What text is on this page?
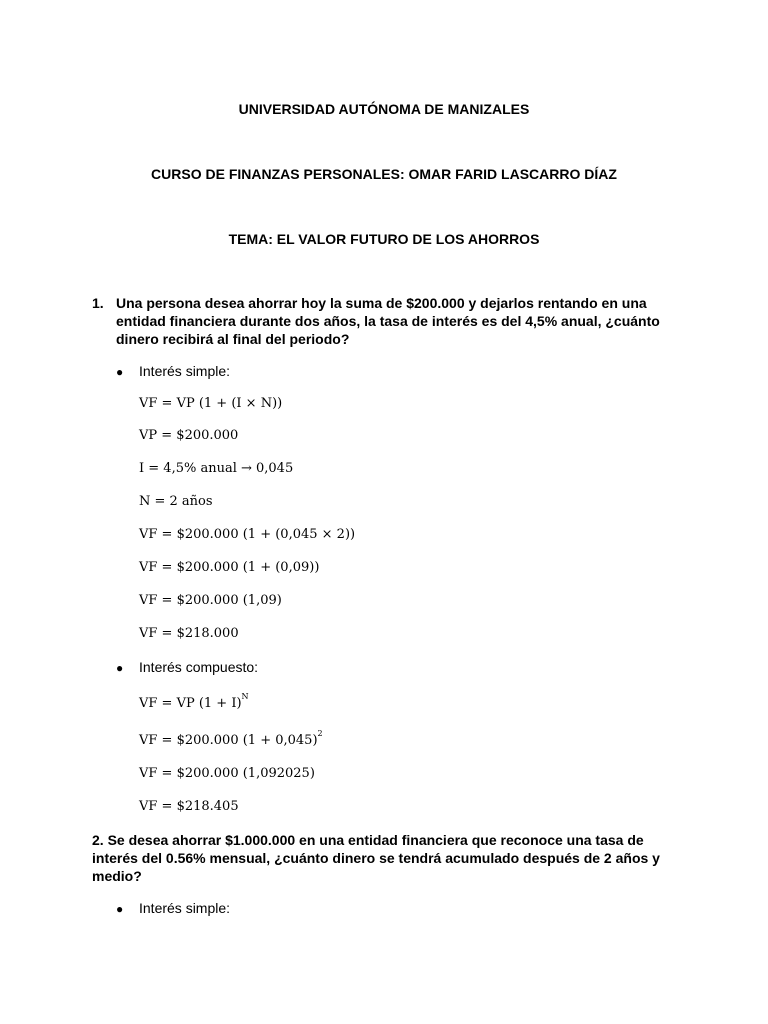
UNIVERSIDAD AUTÓNOMA DE MANIZALES
CURSO DE FINANZAS PERSONALES: OMAR FARID LASCARRO DÍAZ
TEMA: EL VALOR FUTURO DE LOS AHORROS
1. Una persona desea ahorrar hoy la suma de $200.000 y dejarlos rentando en una entidad financiera durante dos años, la tasa de interés es del 4,5% anual, ¿cuánto dinero recibirá al final del periodo?
● Interés simple:
VF = VP (1 + (I × N))
VP = $200.000
I = 4,5% anual → 0,045
N = 2 años
VF = $200.000 (1 + (0,045 × 2))
VF = $200.000 (1 + (0,09))
VF = $200.000 (1,09)
VF = $218.000
● Interés compuesto:
VF = VP $(1 + I)^N$
VF = $200.000 $(1 + 0,045)^2$
VF = $200.000 (1,092025)
VF = $218.405
2. Se desea ahorrar $1.000.000 en una entidad financiera que reconoce una tasa de interés del 0.56% mensual, ¿cuánto dinero se tendrá acumulado después de 2 años y medio?
● Interés simple:
